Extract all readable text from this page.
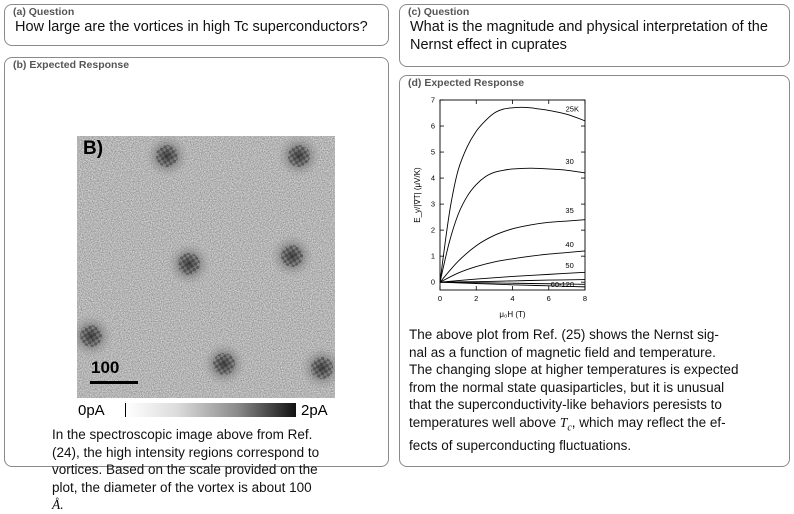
(a) Question
How large are the vortices in high Tc superconductors?
(b) Expected Response
B)
100
0pA	2pA
In the spectroscopic image above from Ref.
(24), the high intensity regions correspond to
vortices. Based on the scale provided on the
plot, the diameter of the vortex is about 100
Å.
(c) Question
What is the magnitude and physical interpretation of the
Nernst effect in cuprates
(d) Expected Response
0	2	4	6	8
0
1
2
3
4
5
6
7
μ₀H (T)
E_y/|∇T| (μV/K)
25K
30
35
40
50
60-120
The above plot from Ref. (25) shows the Nernst sig-
nal as a function of magnetic field and temperature.
The changing slope at higher temperatures is expected
from the normal state quasiparticles, but it is unusual
that the superconductivity-like behaviors peresists to
temperatures well above $T_c$, which may reflect the ef-
fects of superconducting fluctuations.
